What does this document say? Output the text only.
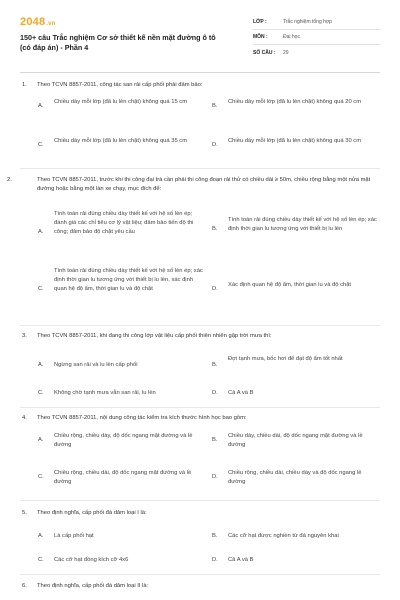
2048.vn
150+ câu Trắc nghiệm Cơ sở thiết kế nền mặt đường ô tô (có đáp án) - Phần 4
LỚP :	Trắc nghiệm tổng hợp
MÔN :	Đại học
SỐ CÂU :	29
1. Theo TCVN 8857-2011, công tác san rải cấp phối phải đảm bảo:
A.
Chiều dày mỗi lớp (đã lu lèn chặt) không quá 15 cm
B.
Chiều dày mỗi lớp (đã lu lèn chặt) không quá 20 cm
C.
Chiều dày mỗi lớp (đã lu lèn chặt) không quá 35 cm
D.
Chiều dày mỗi lớp (đã lu lèn chặt) không quá 30 cm
2.	Theo TCVN 8857-2011, trước khi thi công đại trà cần phải thi công đoạn rải thử có chiều dài ≥ 50m, chiều rộng bằng một nửa mặt đường hoặc bằng một làn xe chạy, mục đích để:
A.
Tính toán rải đúng chiều dày thiết kế với hệ số lèn ép; đánh giá các chỉ tiêu cơ lý vật liệu; đảm bảo tiến độ thi công; đảm bảo độ chặt yêu cầu
B.
Tính toán rải đúng chiều dày thiết kế với hệ số lèn ép; xác định thời gian lu tương ứng với thiết bị lu lèn
C.
Tính toán rải đúng chiều dày thiết kế với hệ số lèn ép; xác định thời gian lu tương ứng với thiết bị lu lèn, xác định quan hệ độ ẩm, thời gian lu và độ chặt	D.
Xác định quan hệ độ ẩm, thời gian lu và độ chặt
3. Theo TCVN 8857-2011, khi đang thi công lớp vật liệu cấp phối thiên nhiên gặp trời mưa thì:
A. Ngừng san rải và lu lèn cấp phối	B.
Đợi tạnh mưa, bốc hơi để đạt độ ẩm tốt nhất
C. Không chờ tạnh mưa vẫn san rải, lu lèn	D. Cả A và B
4. Theo TCVN 8857-2011, nội dung công tác kiểm tra kích thước hình học bao gồm:
A.
Chiều rộng, chiều dày, độ dốc ngang mặt đường và lề đường
B.
Chiều dày, chiều dài, độ dốc ngang mặt đường và lề đường
C.
Chiều rộng, chiều dài, độ dốc ngang mặt đường và lề đường
D.
Chiều rộng, chiều dài, chiều dày và độ dốc ngang lề đường
5. Theo định nghĩa, cấp phối đá dăm loại I là:
A. Là cấp phối hạt	B. Các cỡ hạt được nghiền từ đá nguyên khai
C. Các cỡ hạt đồng kích cỡ 4x6	D. Cả A và B
6. Theo định nghĩa, cấp phối đá dăm loại II là:
